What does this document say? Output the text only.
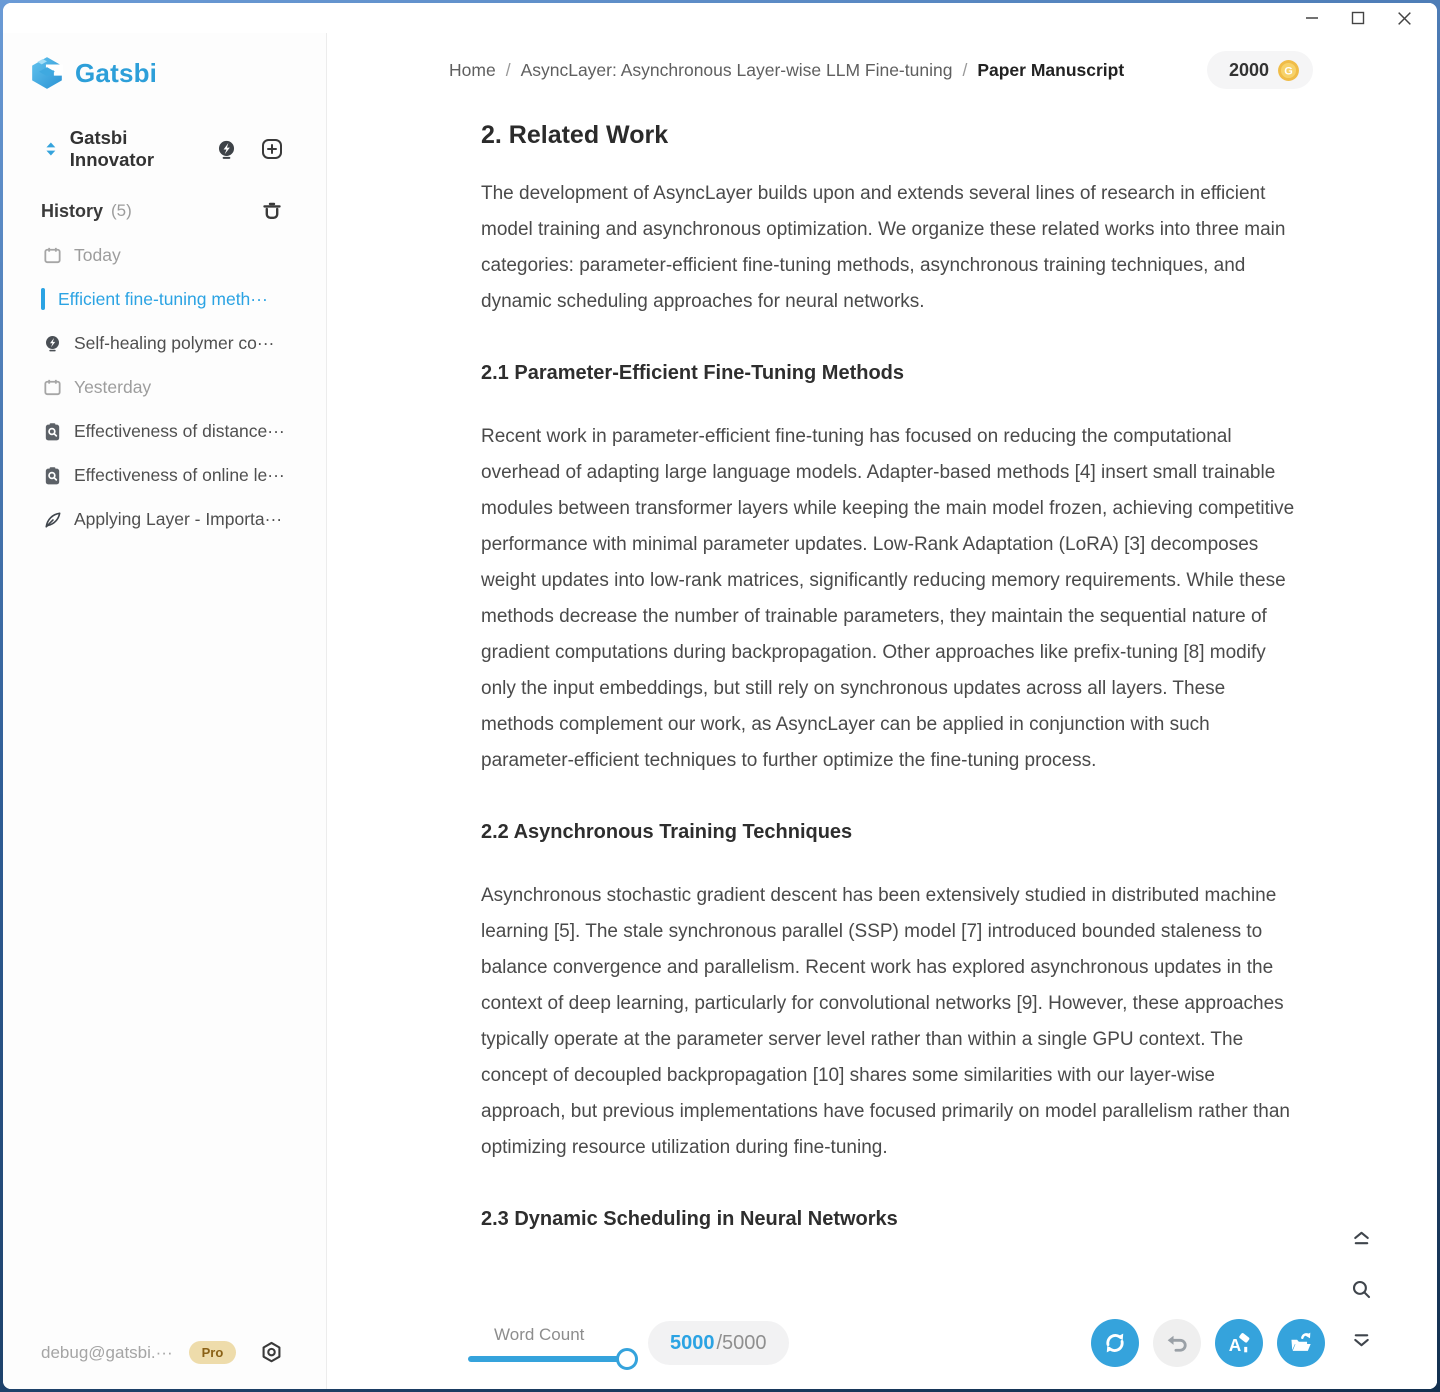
Gatsbi
Gatsbi Innovator
History (5)
Today
Efficient fine-tuning meth···
Self-healing polymer co···
Yesterday
Effectiveness of distance···
Effectiveness of online le···
Applying Layer - Importa···
debug@gatsbi.···	Pro
Home / AsyncLayer: Asynchronous Layer-wise LLM Fine-tuning / Paper Manuscript	2000 G
2. Related Work

The development of AsyncLayer builds upon and extends several lines of research in efficient model training and asynchronous optimization. We organize these related works into three main categories: parameter-efficient fine-tuning methods, asynchronous training techniques, and dynamic scheduling approaches for neural networks.

2.1 Parameter-Efficient Fine-Tuning Methods

Recent work in parameter-efficient fine-tuning has focused on reducing the computational overhead of adapting large language models. Adapter-based methods [4] insert small trainable modules between transformer layers while keeping the main model frozen, achieving competitive performance with minimal parameter updates. Low-Rank Adaptation (LoRA) [3] decomposes weight updates into low-rank matrices, significantly reducing memory requirements. While these methods decrease the number of trainable parameters, they maintain the sequential nature of gradient computations during backpropagation. Other approaches like prefix-tuning [8] modify only the input embeddings, but still rely on synchronous updates across all layers. These methods complement our work, as AsyncLayer can be applied in conjunction with such parameter-efficient techniques to further optimize the fine-tuning process.

2.2 Asynchronous Training Techniques

Asynchronous stochastic gradient descent has been extensively studied in distributed machine learning [5]. The stale synchronous parallel (SSP) model [7] introduced bounded staleness to balance convergence and parallelism. Recent work has explored asynchronous updates in the context of deep learning, particularly for convolutional networks [9]. However, these approaches typically operate at the parameter server level rather than within a single GPU context. The concept of decoupled backpropagation [10] shares some similarities with our layer-wise approach, but previous implementations have focused primarily on model parallelism rather than optimizing resource utilization during fine-tuning.

2.3 Dynamic Scheduling in Neural Networks
Word Count	5000 /5000	A
